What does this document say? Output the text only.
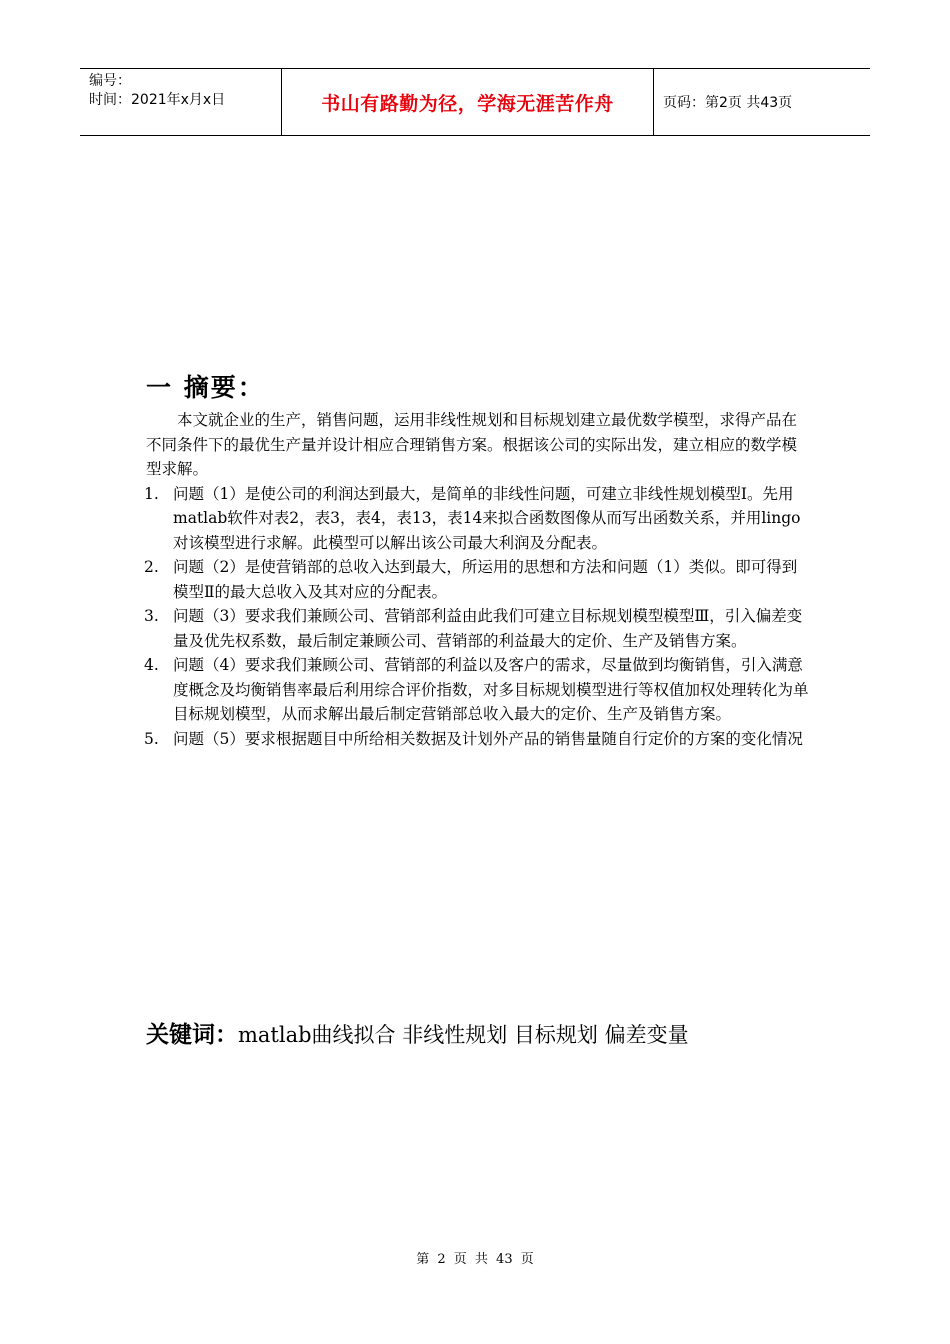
编号：
时间：2021年x月x日	书山有路勤为径，学海无涯苦作舟	页码：第2页 共43页
一 摘要：

本文就企业的生产，销售问题，运用非线性规划和目标规划建立最优数学模型，求得产品在不同条件下的最优生产量并设计相应合理销售方案。根据该公司的实际出发，建立相应的数学模型求解。

1. 问题（1）是使公司的利润达到最大，是简单的非线性问题，可建立非线性规划模型Ⅰ。先用matlab软件对表2，表3，表4，表13，表14来拟合函数图像从而写出函数关系，并用lingo对该模型进行求解。此模型可以解出该公司最大利润及分配表。
2. 问题（2）是使营销部的总收入达到最大，所运用的思想和方法和问题（1）类似。即可得到模型Ⅱ的最大总收入及其对应的分配表。
3. 问题（3）要求我们兼顾公司、营销部利益由此我们可建立目标规划模型模型Ⅲ，引入偏差变量及优先权系数，最后制定兼顾公司、营销部的利益最大的定价、生产及销售方案。
4. 问题（4）要求我们兼顾公司、营销部的利益以及客户的需求，尽量做到均衡销售，引入满意度概念及均衡销售率最后利用综合评价指数，对多目标规划模型进行等权值加权处理转化为单目标规划模型，从而求解出最后制定营销部总收入最大的定价、生产及销售方案。
5. 问题（5）要求根据题目中所给相关数据及计划外产品的销售量随自行定价的方案的变化情况
关键词：matlab曲线拟合 非线性规划 目标规划 偏差变量
第 2 页 共 43 页
